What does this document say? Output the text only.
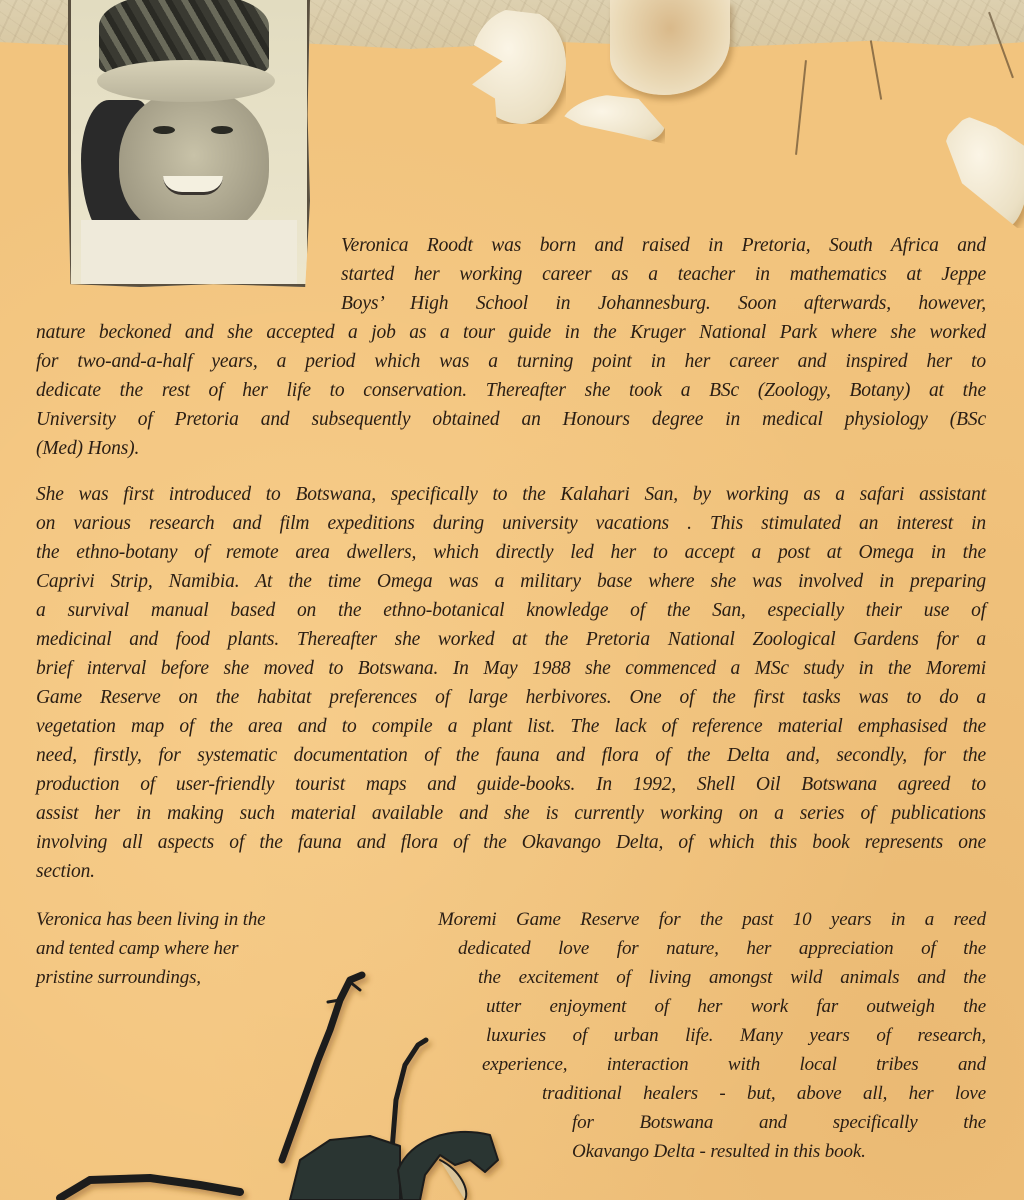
Veronica Roodt was born and raised in Pretoria, South Africa and
started her working career as a teacher in mathematics at Jeppe
Boys’ High School in Johannesburg. Soon afterwards, however,
nature beckoned and she accepted a job as a tour guide in the Kruger National Park where she worked
for two-and-a-half years, a period which was a turning point in her career and inspired her to
dedicate the rest of her life to conservation. Thereafter she took a BSc (Zoology, Botany) at the
University of Pretoria and subsequently obtained an Honours degree in medical physiology (BSc
(Med) Hons).

She was first introduced to Botswana, specifically to the Kalahari San, by working as a safari assistant
on various research and film expeditions during university vacations . This stimulated an interest in
the ethno-botany of remote area dwellers, which directly led her to accept a post at Omega in the
Caprivi Strip, Namibia. At the time Omega was a military base where she was involved in preparing
a survival manual based on the ethno-botanical knowledge of the San, especially their use of
medicinal and food plants. Thereafter she worked at the Pretoria National Zoological Gardens for a
brief interval before she moved to Botswana. In May 1988 she commenced a MSc study in the Moremi
Game Reserve on the habitat preferences of large herbivores. One of the first tasks was to do a
vegetation map of the area and to compile a plant list. The lack of reference material emphasised the
need, firstly, for systematic documentation of the fauna and flora of the Delta and, secondly, for the
production of user-friendly tourist maps and guide-books. In 1992, Shell Oil Botswana agreed to
assist her in making such material available and she is currently working on a series of publications
involving all aspects of the fauna and flora of the Okavango Delta, of which this book represents one
section.

Veronica has been living in the
and tented camp where her
pristine surroundings,

Moremi Game Reserve for the past 10 years in a reed
dedicated love for nature, her appreciation of the
the excitement of living amongst wild animals and the
utter enjoyment of her work far outweigh the
luxuries of urban life. Many years of research,
experience, interaction with local tribes and
traditional healers - but, above all, her love
for Botswana and specifically the
Okavango Delta - resulted in this book.
